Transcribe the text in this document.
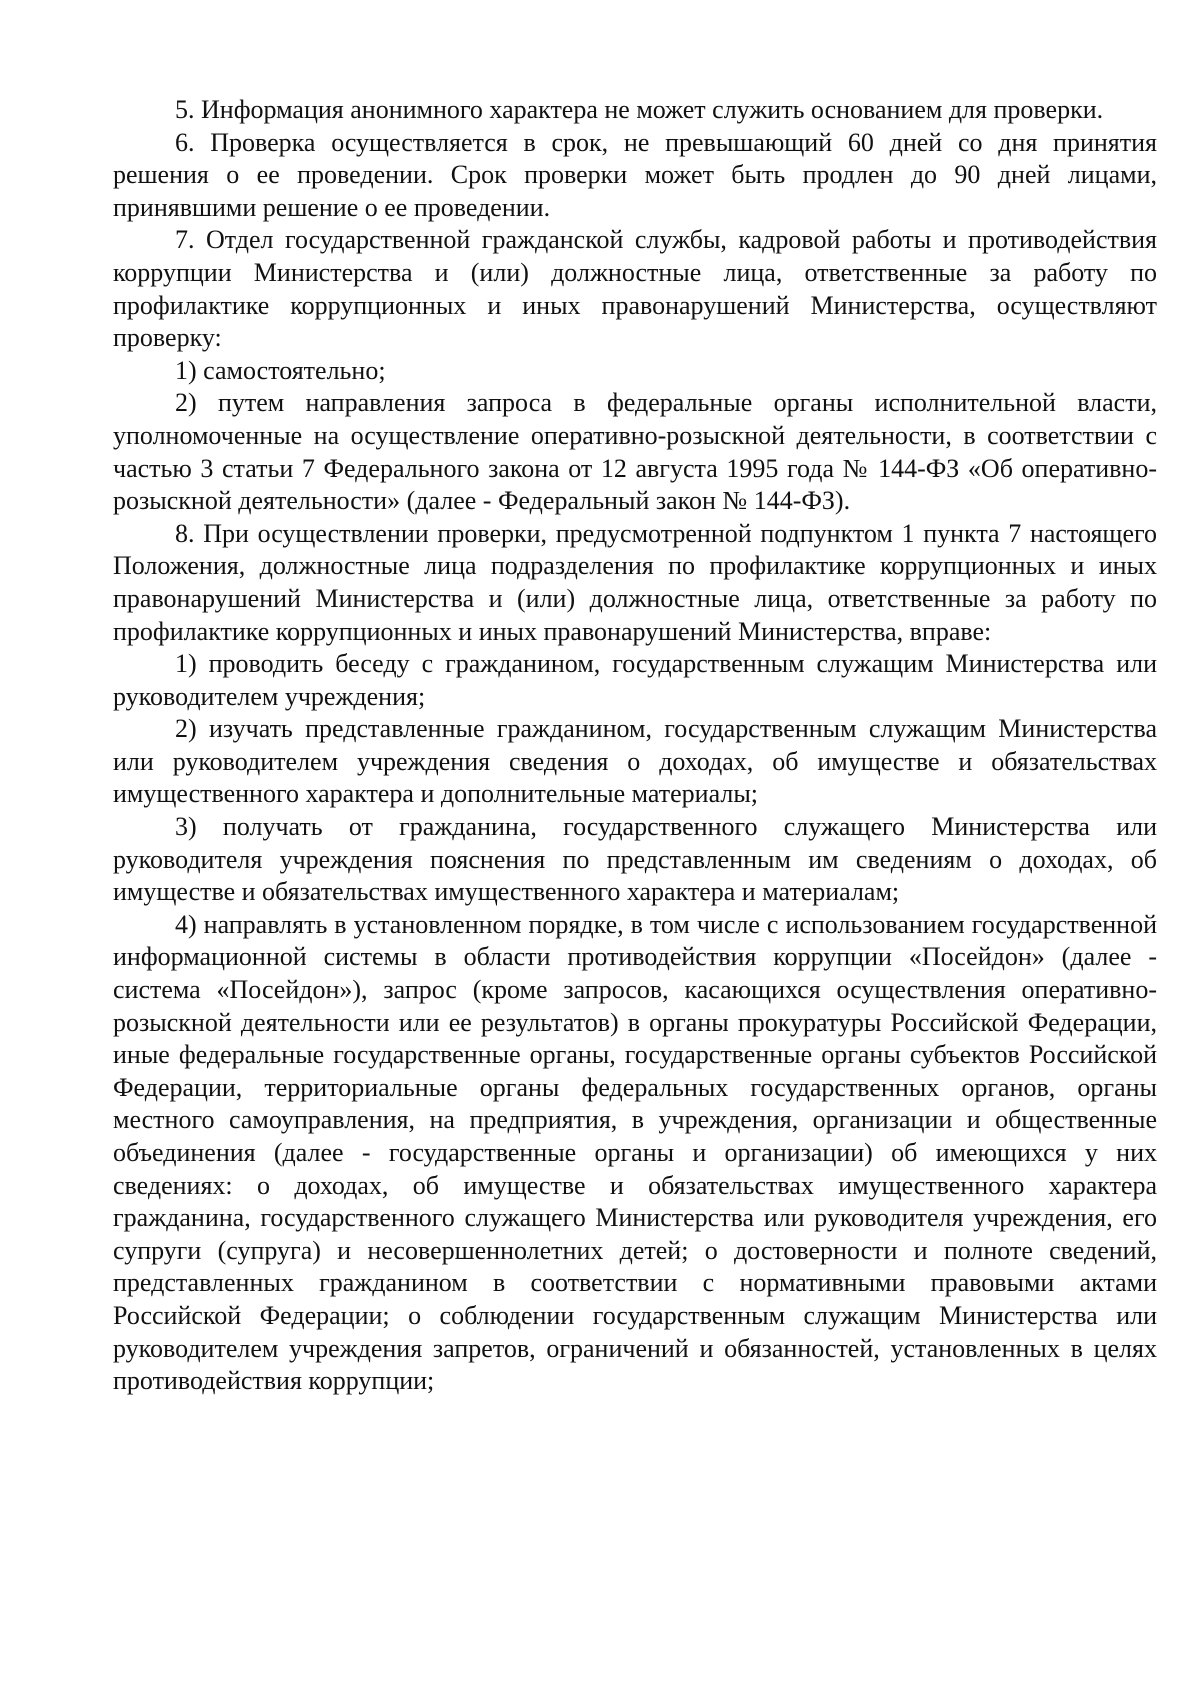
5. Информация анонимного характера не может служить основанием для проверки.

6. Проверка осуществляется в срок, не превышающий 60 дней со дня принятия решения о ее проведении. Срок проверки может быть продлен до 90 дней лицами, принявшими решение о ее проведении.

7. Отдел государственной гражданской службы, кадровой работы и противодействия коррупции Министерства и (или) должностные лица, ответственные за работу по профилактике коррупционных и иных правонарушений Министерства, осуществляют проверку:

1) самостоятельно;

2) путем направления запроса в федеральные органы исполнительной власти, уполномоченные на осуществление оперативно-розыскной деятельности, в соответствии с частью 3 статьи 7 Федерального закона от 12 августа 1995 года № 144-ФЗ «Об оперативно-розыскной деятельности» (далее - Федеральный закон № 144-ФЗ).

8. При осуществлении проверки, предусмотренной подпунктом 1 пункта 7 настоящего Положения, должностные лица подразделения по профилактике коррупционных и иных правонарушений Министерства и (или) должностные лица, ответственные за работу по профилактике коррупционных и иных правонарушений Министерства, вправе:

1) проводить беседу с гражданином, государственным служащим Министерства или руководителем учреждения;

2) изучать представленные гражданином, государственным служащим Министерства или руководителем учреждения сведения о доходах, об имуществе и обязательствах имущественного характера и дополнительные материалы;

3) получать от гражданина, государственного служащего Министерства или руководителя учреждения пояснения по представленным им сведениям о доходах, об имуществе и обязательствах имущественного характера и материалам;

4) направлять в установленном порядке, в том числе с использованием государственной информационной системы в области противодействия коррупции «Посейдон» (далее - система «Посейдон»), запрос (кроме запросов, касающихся осуществления оперативно-розыскной деятельности или ее результатов) в органы прокуратуры Российской Федерации, иные федеральные государственные органы, государственные органы субъектов Российской Федерации, территориальные органы федеральных государственных органов, органы местного самоуправления, на предприятия, в учреждения, организации и общественные объединения (далее - государственные органы и организации) об имеющихся у них сведениях: о доходах, об имуществе и обязательствах имущественного характера гражданина, государственного служащего Министерства или руководителя учреждения, его супруги (супруга) и несовершеннолетних детей; о достоверности и полноте сведений, представленных гражданином в соответствии с нормативными правовыми актами Российской Федерации; о соблюдении государственным служащим Министерства или руководителем учреждения запретов, ограничений и обязанностей, установленных в целях противодействия коррупции;
